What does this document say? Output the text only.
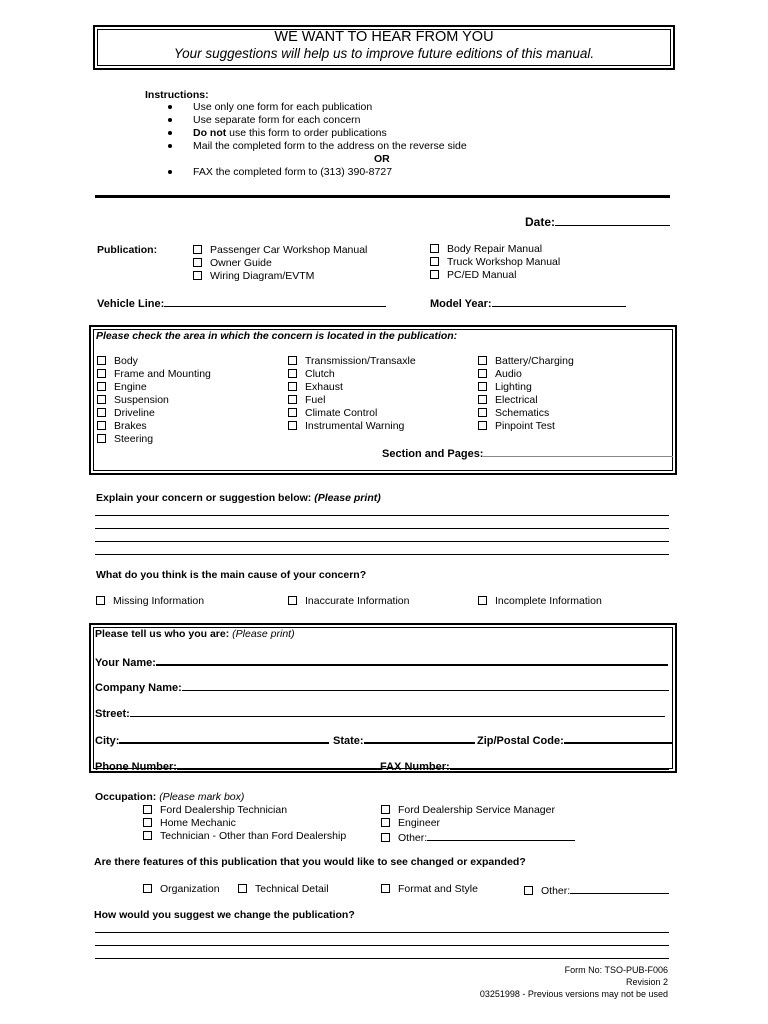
WE WANT TO HEAR FROM YOU
Your suggestions will help us to improve future editions of this manual.
Instructions:
Use only one form for each publication
Use separate form for each concern
Do not use this form to order publications
Mail the completed form to the address on the reverse side
OR
FAX the completed form to (313) 390-8727
Date:
Publication:	Passenger Car Workshop Manual
Owner Guide
Wiring Diagram/EVTM
Body Repair Manual
Truck Workshop Manual
PC/ED Manual
Vehicle Line:	Model Year:
Please check the area in which the concern is located in the publication:
Body
Frame and Mounting
Engine
Suspension
Driveline
Brakes
Steering
Transmission/Transaxle
Clutch
Exhaust
Fuel
Climate Control
Instrumental Warning
Battery/Charging
Audio
Lighting
Electrical
Schematics
Pinpoint Test
Section and Pages:
Explain your concern or suggestion below: (Please print)
What do you think is the main cause of your concern?
Missing Information	Inaccurate Information	Incomplete Information
Please tell us who you are: (Please print)
Your Name:
Company Name:
Street:
City:	State:	Zip/Postal Code:
Phone Number:	FAX Number:
Occupation: (Please mark box)
Ford Dealership Technician
Home Mechanic
Technician - Other than Ford Dealership
Ford Dealership Service Manager
Engineer
Other:
Are there features of this publication that you would like to see changed or expanded?
Organization	Technical Detail	Format and Style	Other:
How would you suggest we change the publication?
Form No: TSO-PUB-F006
Revision 2
03251998 - Previous versions may not be used
